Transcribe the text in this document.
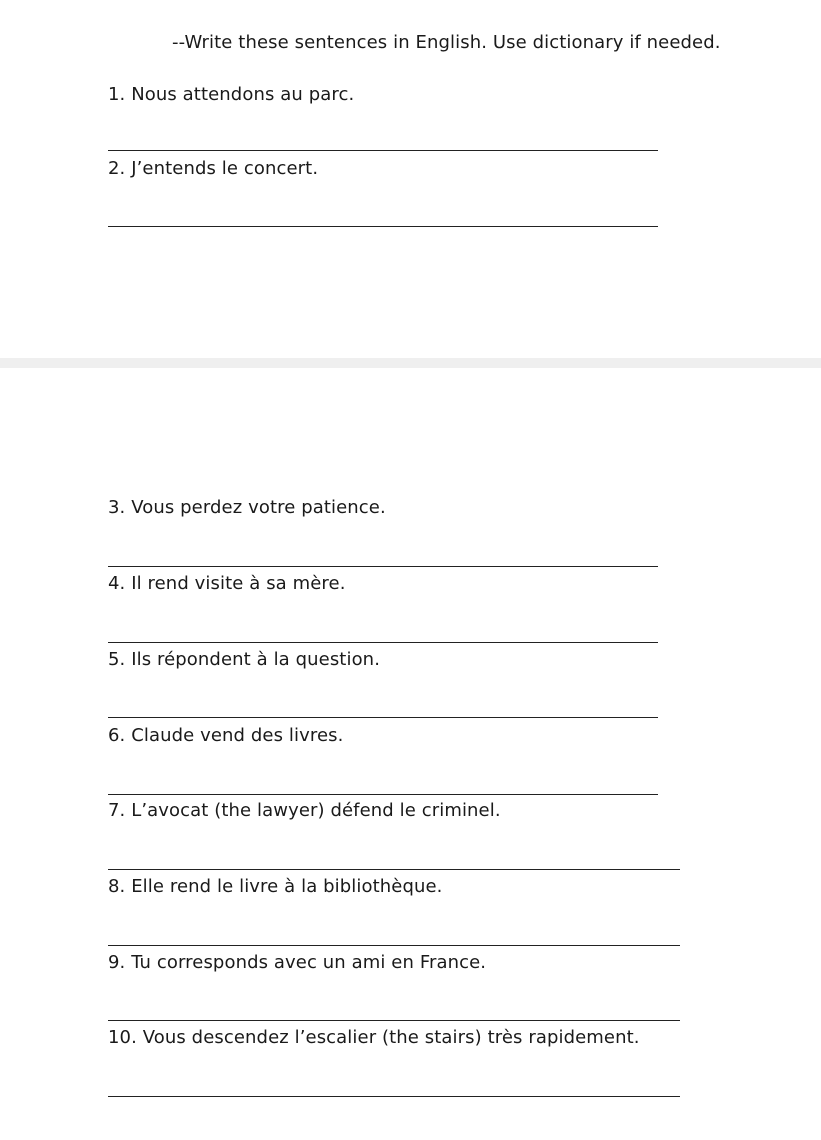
--Write these sentences in English. Use dictionary if needed.
1. Nous attendons au parc.
2. J’entends le concert.
3. Vous perdez votre patience.
4. Il rend visite à sa mère.
5. Ils répondent à la question.
6. Claude vend des livres.
7. L’avocat (the lawyer) défend le criminel.
8. Elle rend le livre à la bibliothèque.
9. Tu corresponds avec un ami en France.
10. Vous descendez l’escalier (the stairs) très rapidement.
